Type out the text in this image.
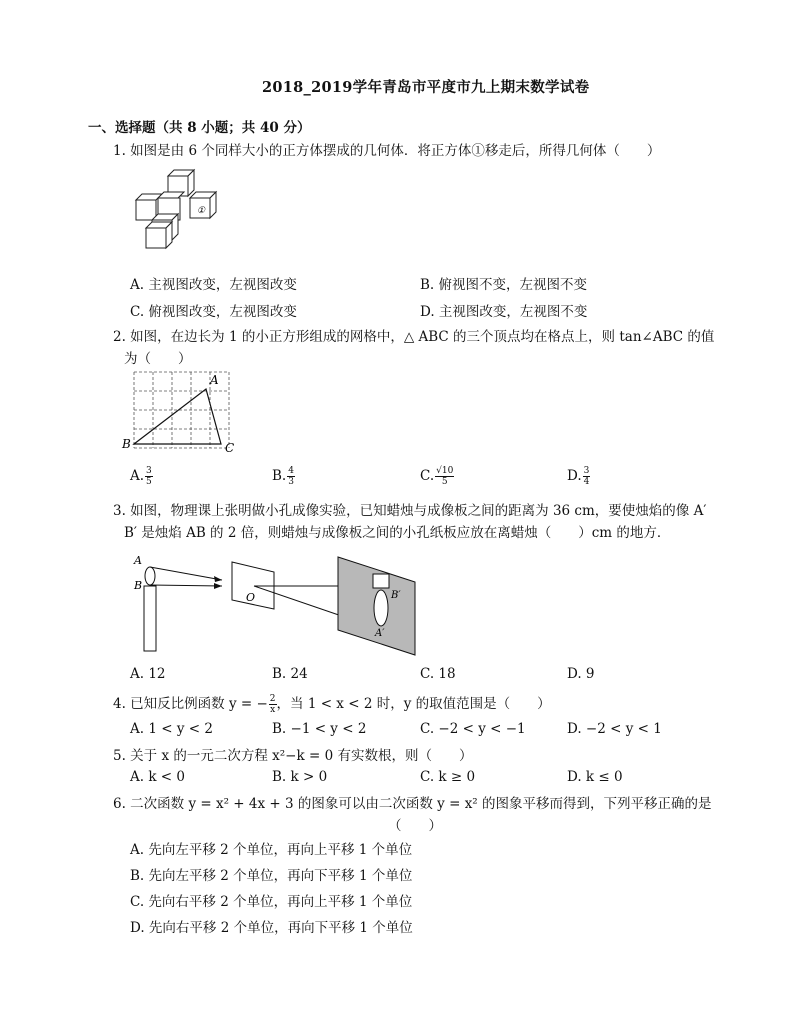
2018_2019学年青岛市平度市九上期末数学试卷
一、选择题（共 8 小题；共 40 分）
1. 如图是由 6 个同样大小的正方体摆成的几何体．将正方体①移走后，所得几何体（　　）
①
A. 主视图改变，左视图改变	B. 俯视图不变，左视图不变
C. 俯视图改变，左视图改变	D. 主视图改变，左视图不变
2. 如图，在边长为 1 的小正方形组成的网格中，△ ABC 的三个顶点均在格点上，则 tan∠ABC 的值
为（　　）
A
B	C
A. $\frac{3}{5}$	B. $\frac{4}{3}$	C. $\frac{√10}{5}$	D. $\frac{3}{4}$
3. 如图，物理课上张明做小孔成像实验，已知蜡烛与成像板之间的距离为 36 cm，要使烛焰的像 A′
B′ 是烛焰 AB 的 2 倍，则蜡烛与成像板之间的小孔纸板应放在离蜡烛（　　）cm 的地方．
A
B
O	B′
A′
A. 12	B. 24	C. 18	D. 9
4. 已知反比例函数 y = − $\frac{2}{x}$ ，当 1 < x < 2 时，y 的取值范围是（　　）
A. 1 < y < 2	B. −1 < y < 2	C. −2 < y < −1	D. −2 < y < 1
5. 关于 x 的一元二次方程 x²−k = 0 有实数根，则（　　）
A. k < 0	B. k > 0	C. k ≥ 0	D. k ≤ 0
6. 二次函数 y = x² + 4x + 3 的图象可以由二次函数 y = x² 的图象平移而得到，下列平移正确的是
（　　）
A. 先向左平移 2 个单位，再向上平移 1 个单位
B. 先向左平移 2 个单位，再向下平移 1 个单位
C. 先向右平移 2 个单位，再向上平移 1 个单位
D. 先向右平移 2 个单位，再向下平移 1 个单位
